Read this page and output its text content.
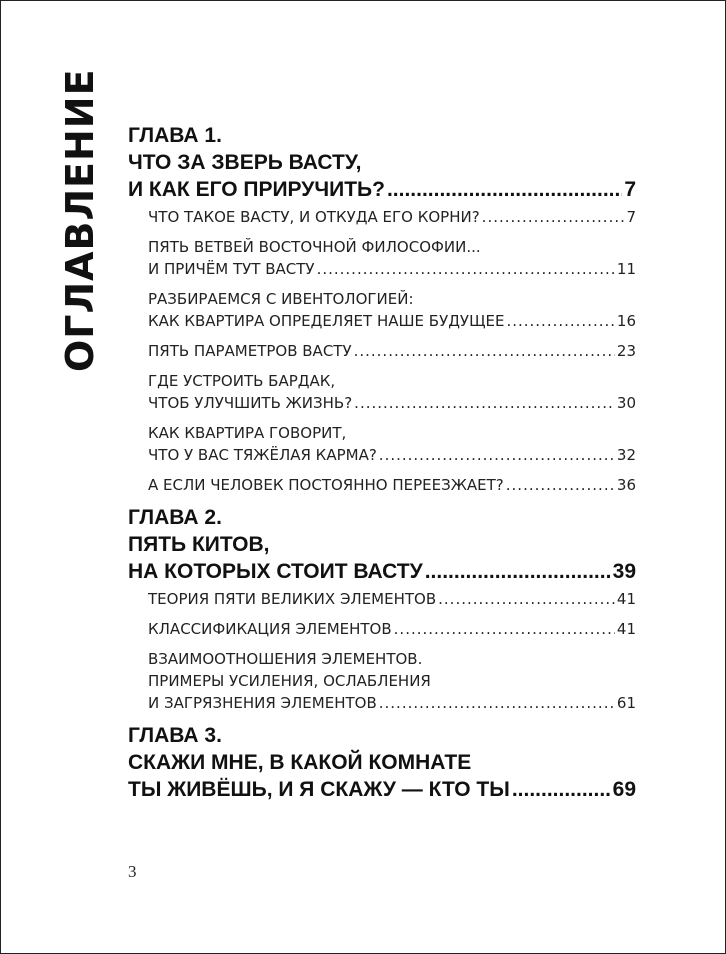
ОГЛАВЛЕНИЕ ГЛАВА 1.
ЧТО ЗА ЗВЕРЬ ВАСТУ,
И КАК ЕГО ПРИРУЧИТЬ? .....	7
ЧТО ТАКОЕ ВАСТУ, И ОТКУДА ЕГО КОРНИ? .....	7
ПЯТЬ ВЕТВЕЙ ВОСТОЧНОЙ ФИЛОСОФИИ...
И ПРИЧЁМ ТУТ ВАСТУ .....	11
РАЗБИРАЕМСЯ С ИВЕНТОЛОГИЕЙ:
КАК КВАРТИРА ОПРЕДЕЛЯЕТ НАШЕ БУДУЩЕЕ .....	16
ПЯТЬ ПАРАМЕТРОВ ВАСТУ .....	23
ГДЕ УСТРОИТЬ БАРДАК,
ЧТОБ УЛУЧШИТЬ ЖИЗНЬ? .....	30
КАК КВАРТИРА ГОВОРИТ,
ЧТО У ВАС ТЯЖЁЛАЯ КАРМА? .....	32
А ЕСЛИ ЧЕЛОВЕК ПОСТОЯННО ПЕРЕЕЗЖАЕТ? .....	36
ГЛАВА 2.
ПЯТЬ КИТОВ,
НА КОТОРЫХ СТОИТ ВАСТУ .....	39
ТЕОРИЯ ПЯТИ ВЕЛИКИХ ЭЛЕМЕНТОВ .....	41
КЛАССИФИКАЦИЯ ЭЛЕМЕНТОВ .....	41
ВЗАИМООТНОШЕНИЯ ЭЛЕМЕНТОВ.
ПРИМЕРЫ УСИЛЕНИЯ, ОСЛАБЛЕНИЯ
И ЗАГРЯЗНЕНИЯ ЭЛЕМЕНТОВ .....	61
ГЛАВА 3.
СКАЖИ МНЕ, В КАКОЙ КОМНАТЕ
ТЫ ЖИВЁШЬ, И Я СКАЖУ — КТО ТЫ .....	69
3
